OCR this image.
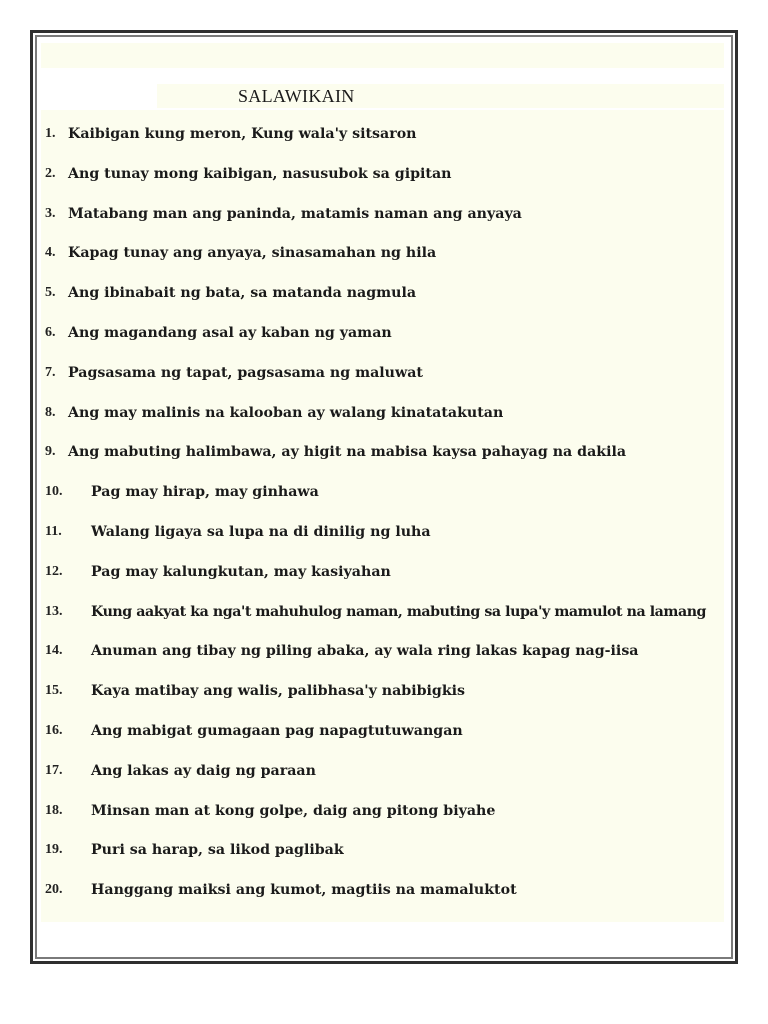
SALAWIKAIN
1. Kaibigan kung meron, Kung wala'y sitsaron
2. Ang tunay mong kaibigan, nasusubok sa gipitan
3. Matabang man ang paninda, matamis naman ang anyaya
4. Kapag tunay ang anyaya, sinasamahan ng hila
5. Ang ibinabait ng bata, sa matanda nagmula
6. Ang magandang asal ay kaban ng yaman
7. Pagsasama ng tapat, pagsasama ng maluwat
8. Ang may malinis na kalooban ay walang kinatatakutan
9. Ang mabuting halimbawa, ay higit na mabisa kaysa pahayag na dakila
10. Pag may hirap, may ginhawa
11. Walang ligaya sa lupa na di dinilig ng luha
12. Pag may kalungkutan, may kasiyahan
13. Kung aakyat ka nga't mahuhulog naman, mabuting sa lupa'y mamulot na lamang
14. Anuman ang tibay ng piling abaka, ay wala ring lakas kapag nag-iisa
15. Kaya matibay ang walis, palibhasa'y nabibigkis
16. Ang mabigat gumagaan pag napagtutuwangan
17. Ang lakas ay daig ng paraan
18. Minsan man at kong golpe, daig ang pitong biyahe
19. Puri sa harap, sa likod paglibak
20. Hanggang maiksi ang kumot, magtiis na mamaluktot
